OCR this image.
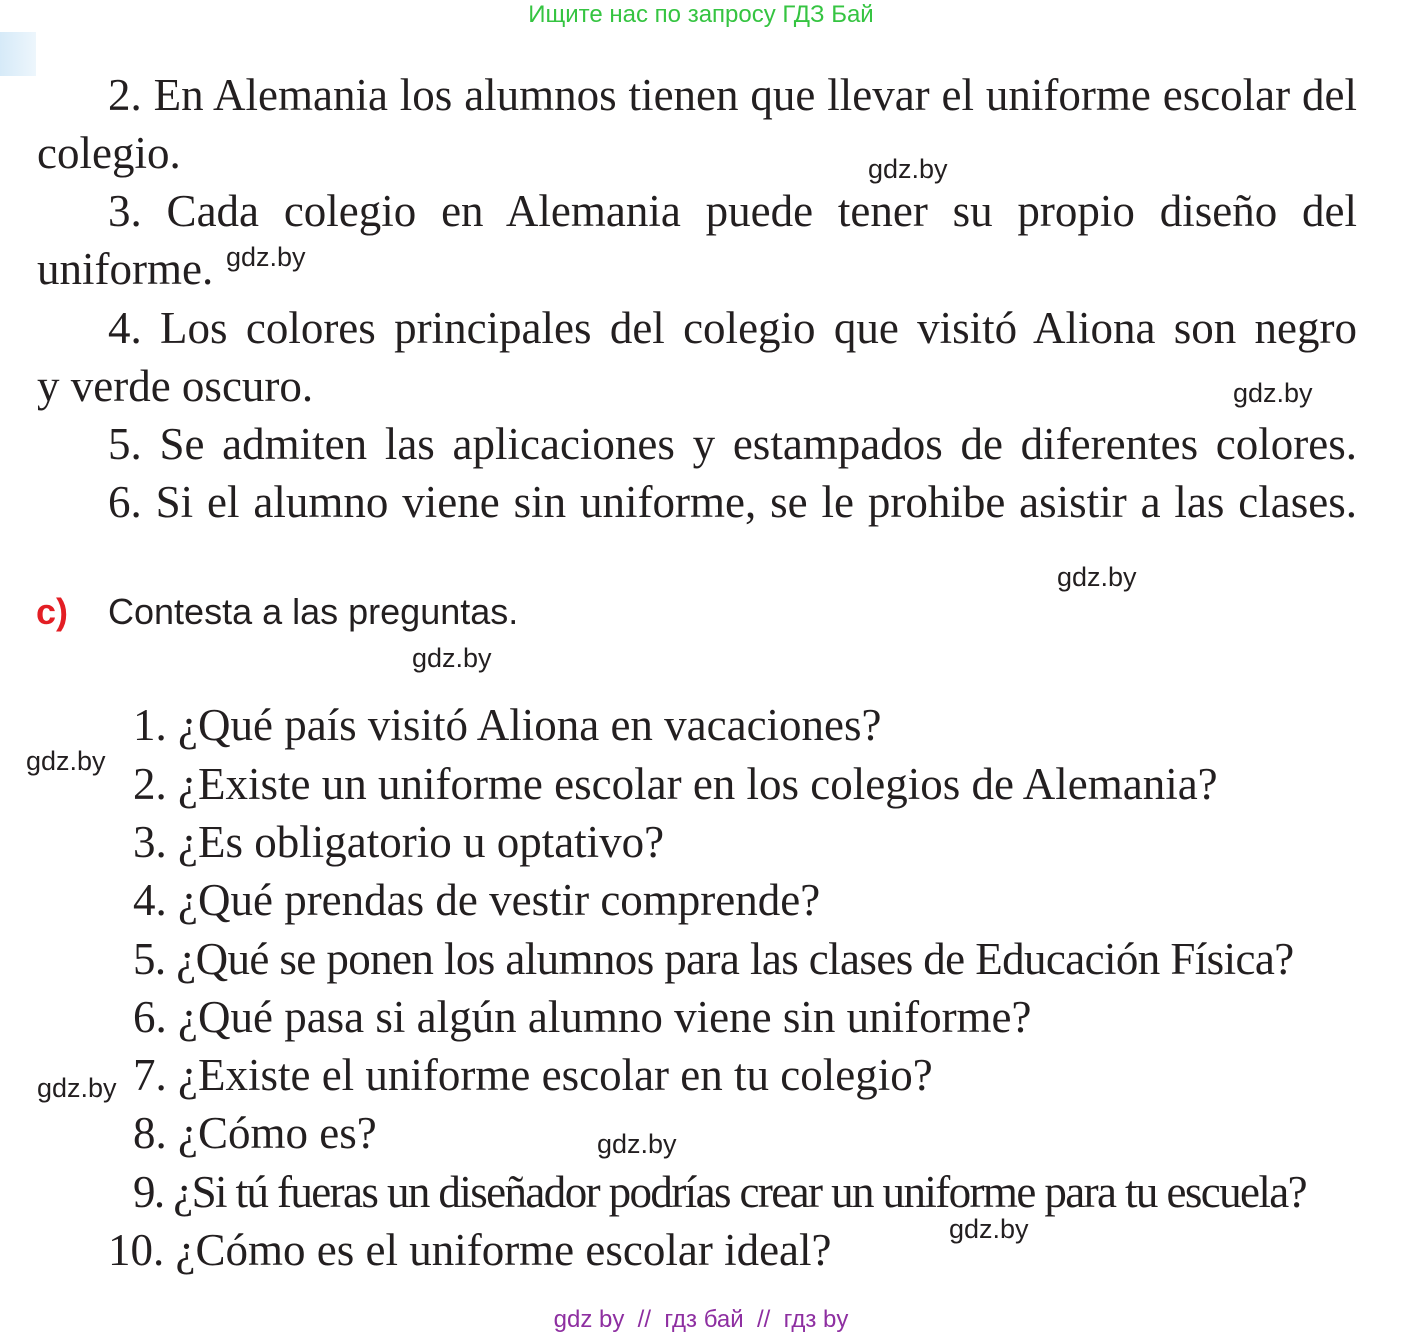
Ищите нас по запросу ГДЗ Бай
2. En Alemania los alumnos tienen que llevar el uniforme escolar del
colegio.
3. Cada colegio en Alemania puede tener su propio diseño del
uniforme.
4. Los colores principales del colegio que visitó Aliona son negro
y verde oscuro.
5. Se admiten las aplicaciones y estampados de diferentes colores.
6. Si el alumno viene sin uniforme, se le prohibe asistir a las clases.
c) Contesta a las preguntas.
1. ¿Qué país visitó Aliona en vacaciones?
2. ¿Existe un uniforme escolar en los colegios de Alemania?
3. ¿Es obligatorio u optativo?
4. ¿Qué prendas de vestir comprende?
5. ¿Qué se ponen los alumnos para las clases de Educación Física?
6. ¿Qué pasa si algún alumno viene sin uniforme?
7. ¿Existe el uniforme escolar en tu colegio?
8. ¿Cómo es?
9. ¿Si tú fueras un diseñador podrías crear un uniforme para tu escuela?
10. ¿Cómo es el uniforme escolar ideal?
gdz.by
gdz.by
gdz.by
gdz.by
gdz.by
gdz.by
gdz.by
gdz.by
gdz.by
gdz by  //  гдз бай  //  гдз by
